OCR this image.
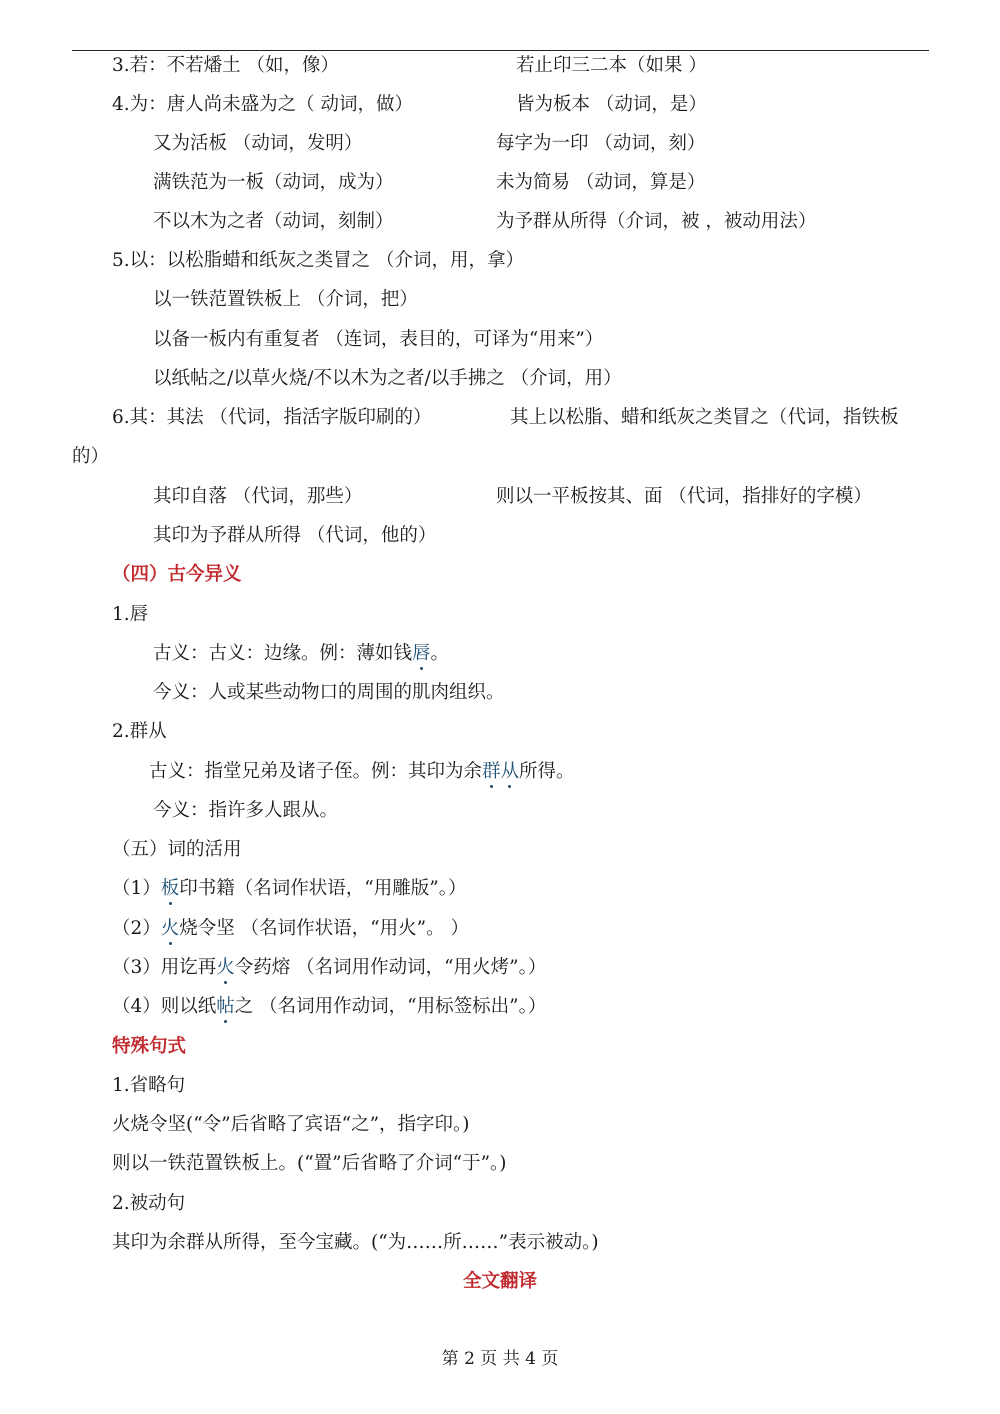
3.若：不若燔土 （如，像）	若止印三二本（如果 ）
4.为：唐人尚未盛为之（ 动词，做）	皆为板本 （动词，是）
又为活板 （动词，发明）	每字为一印 （动词，刻）
满铁范为一板（动词，成为）	未为简易 （动词，算是）
不以木为之者（动词，刻制）	为予群从所得（介词，被 ，被动用法）
5.以：以松脂蜡和纸灰之类冒之 （介词，用，拿）
以一铁范置铁板上 （介词，把）
以备一板内有重复者 （连词，表目的，可译为“用来”）
以纸帖之/以草火烧/不以木为之者/以手拂之 （介词，用）
6.其：其法 （代词，指活字版印刷的）	其上以松脂、蜡和纸灰之类冒之（代词，指铁板
的）
其印自落 （代词，那些）	则以一平板按其、面 （代词，指排好的字模）
其印为予群从所得 （代词，他的）
（四）古今异义
1.唇
古义：古义：边缘。例：薄如钱唇。
今义：人或某些动物口的周围的肌肉组织。
2.群从
古义：指堂兄弟及诸子侄。例：其印为余群从所得。
今义：指许多人跟从。
（五）词的活用
（1）板印书籍（名词作状语，“用雕版”。）
（2）火烧令坚 （名词作状语，“用火”。 ）
（3）用讫再火令药熔 （名词用作动词，“用火烤”。）
（4）则以纸帖之 （名词用作动词，“用标签标出”。）
特殊句式
1.省略句
火烧令坚(“令”后省略了宾语“之”，指字印。)
则以一铁范置铁板上。(“置”后省略了介词“于”。)
2.被动句
其印为余群从所得，至今宝藏。(“为……所……”表示被动。)
全文翻译
第 2 页 共 4 页
